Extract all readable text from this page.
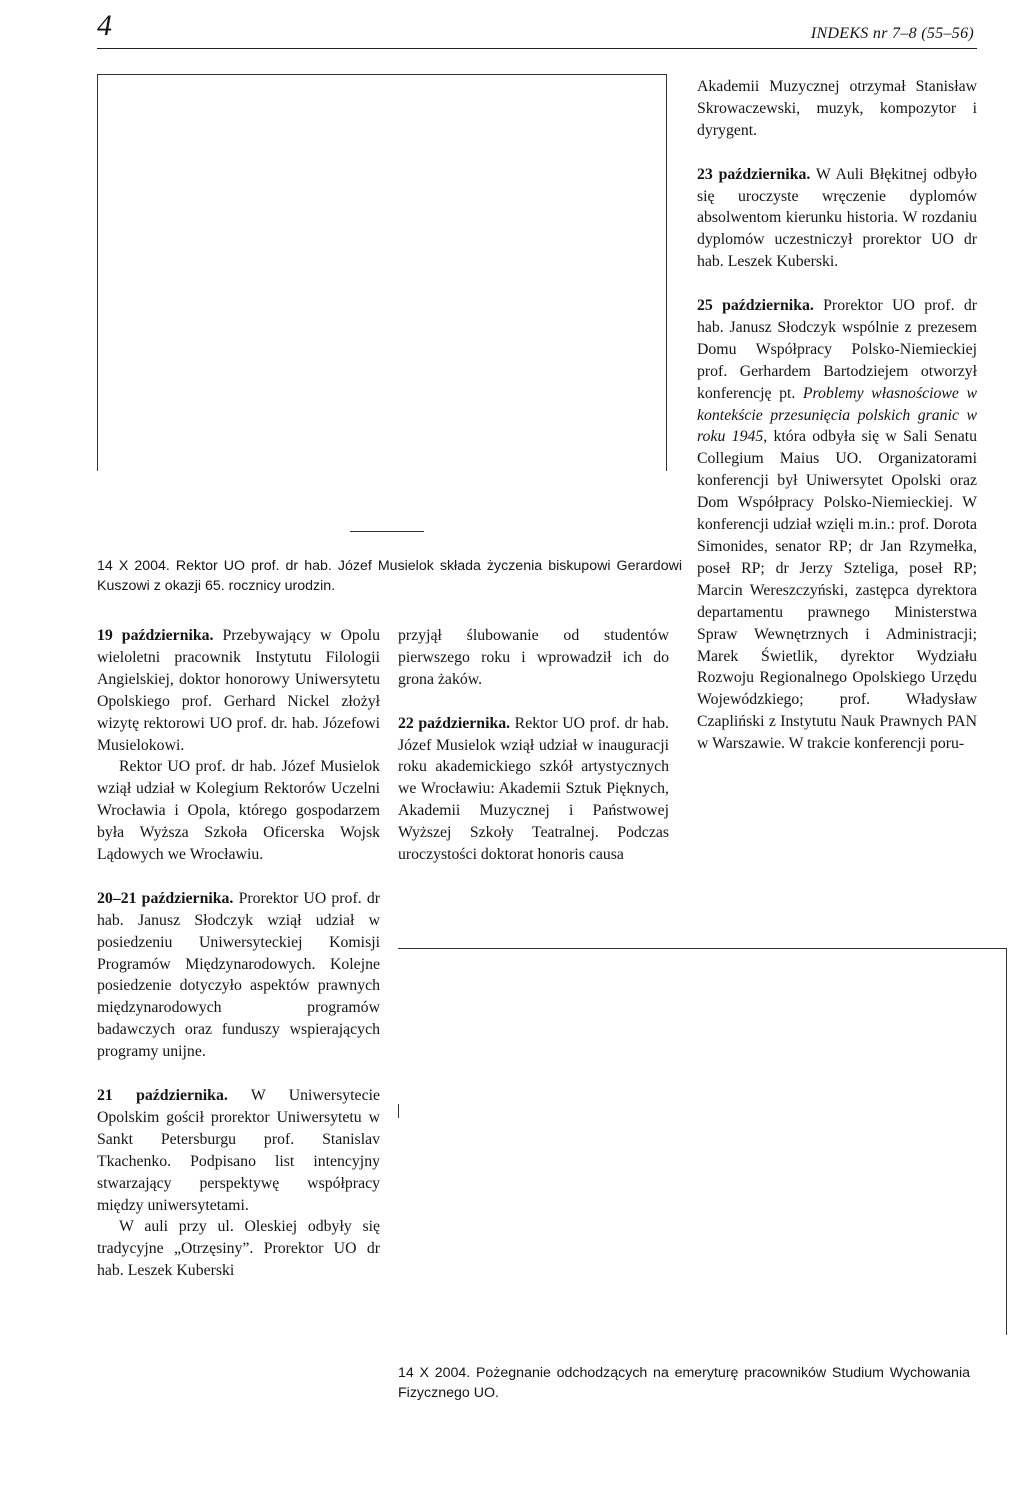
4	INDEKS nr 7–8 (55–56)
14 X 2004. Rektor UO prof. dr hab. Józef Musielok składa życzenia biskupowi Gerardowi Kuszowi z okazji 65. rocznicy urodzin.

19 października. Przebywający w Opolu wieloletni pracownik Instytutu Filologii Angielskiej, doktor honorowy Uniwersytetu Opolskiego prof. Gerhard Nickel złożył wizytę rektorowi UO prof. dr. hab. Józefowi Musielokowi.

Rektor UO prof. dr hab. Józef Musielok wziął udział w Kolegium Rektorów Uczelni Wrocławia i Opola, którego gospodarzem była Wyższa Szkoła Oficerska Wojsk Lądowych we Wrocławiu.

20–21 października. Prorektor UO prof. dr hab. Janusz Słodczyk wziął udział w posiedzeniu Uniwersyteckiej Komisji Programów Międzynarodowych. Kolejne posiedzenie dotyczyło aspektów prawnych międzynarodowych programów badawczych oraz funduszy wspierających programy unijne.

21 października. W Uniwersytecie Opolskim gościł prorektor Uniwersytetu w Sankt Petersburgu prof. Stanislav Tkachenko. Podpisano list intencyjny stwarzający perspektywę współpracy między uniwersytetami.

W auli przy ul. Oleskiej odbyły się tradycyjne „Otrzęsiny”. Prorektor UO dr hab. Leszek Kuberski

przyjął ślubowanie od studentów pierwszego roku i wprowadził ich do grona żaków.

22 października. Rektor UO prof. dr hab. Józef Musielok wziął udział w inauguracji roku akademickiego szkół artystycznych we Wrocławiu: Akademii Sztuk Pięknych, Akademii Muzycznej i Państwowej Wyższej Szkoły Teatralnej. Podczas uroczystości doktorat honoris causa

Akademii Muzycznej otrzymał Stanisław Skrowaczewski, muzyk, kompozytor i dyrygent.

23 października. W Auli Błękitnej odbyło się uroczyste wręczenie dyplomów absolwentom kierunku historia. W rozdaniu dyplomów uczestniczył prorektor UO dr hab. Leszek Kuberski.

25 października. Prorektor UO prof. dr hab. Janusz Słodczyk wspólnie z prezesem Domu Współpracy Polsko-Niemieckiej prof. Gerhardem Bartodziejem otworzył konferencję pt. Problemy własnościowe w kontekście przesunięcia polskich granic w roku 1945, która odbyła się w Sali Senatu Collegium Maius UO. Organizatorami konferencji był Uniwersytet Opolski oraz Dom Współpracy Polsko-Niemieckiej. W konferencji udział wzięli m.in.: prof. Dorota Simonides, senator RP; dr Jan Rzymełka, poseł RP; dr Jerzy Szteliga, poseł RP; Marcin Wereszczyński, zastępca dyrektora departamentu prawnego Ministerstwa Spraw Wewnętrznych i Administracji; Marek Świetlik, dyrektor Wydziału Rozwoju Regionalnego Opolskiego Urzędu Wojewódzkiego; prof. Władysław Czapliński z Instytutu Nauk Prawnych PAN w Warszawie. W trakcie konferencji poru-

14 X 2004. Pożegnanie odchodzących na emeryturę pracowników Studium Wychowania Fizycznego UO.
